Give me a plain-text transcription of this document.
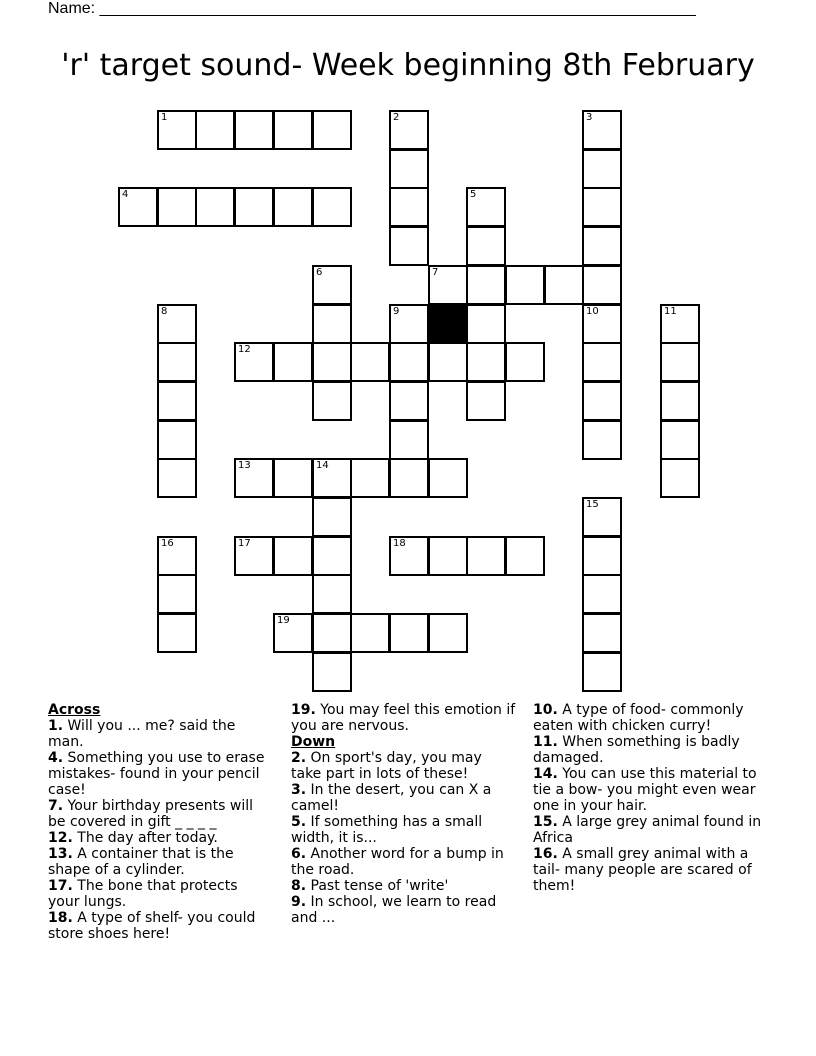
Name: ___________________________________________________________________
'r' target sound- Week beginning 8th February
1	2	3
4	5
6	7
8	9	10	11
12
13	14
15
16	17	18
19
Across
1. Will you ... me? said the man.
4. Something you use to erase mistakes- found in your pencil case!
7. Your birthday presents will be covered in gift _ _ _ _
12. The day after today.
13. A container that is the shape of a cylinder.
17. The bone that protects your lungs.
18. A type of shelf- you could store shoes here!
19. You may feel this emotion if you are nervous.
Down
2. On sport's day, you may take part in lots of these!
3. In the desert, you can X a camel!
5. If something has a small width, it is...
6. Another word for a bump in the road.
8. Past tense of 'write'
9. In school, we learn to read and ...
10. A type of food- commonly eaten with chicken curry!
11. When something is badly damaged.
14. You can use this material to tie a bow- you might even wear one in your hair.
15. A large grey animal found in Africa
16. A small grey animal with a tail- many people are scared of them!
